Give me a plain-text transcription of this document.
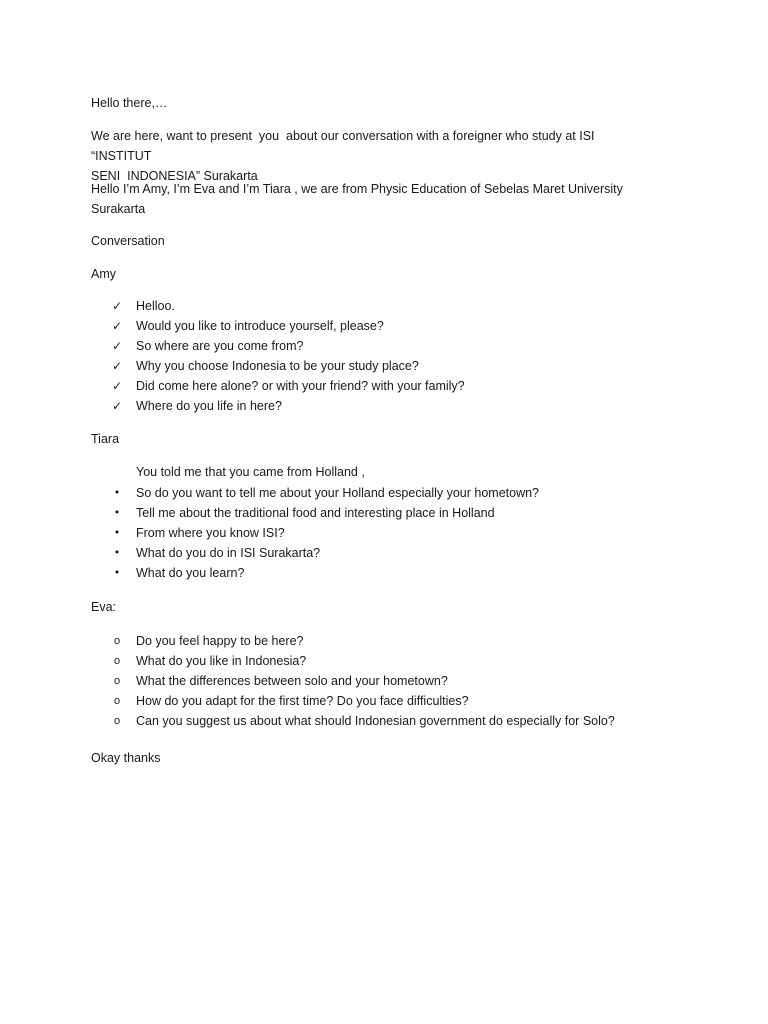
Hello there,…
We are here, want to present  you  about our conversation with a foreigner who study at ISI “INSTITUT
SENI  INDONESIA” Surakarta
Hello I’m Amy, I’m Eva and I’m Tiara , we are from Physic Education of Sebelas Maret University
Surakarta
Conversation
Amy
✓ Helloo.
✓ Would you like to introduce yourself, please?
✓ So where are you come from?
✓ Why you choose Indonesia to be your study place?
✓ Did come here alone? or with your friend? with your family?
✓ Where do you life in here?
Tiara
You told me that you came from Holland ,
•	So do you want to tell me about your Holland especially your hometown?
•	Tell me about the traditional food and interesting place in Holland
•	From where you know ISI?
•	What do you do in ISI Surakarta?
•	What do you learn?
Eva:
o	Do you feel happy to be here?
o	What do you like in Indonesia?
o	What the differences between solo and your hometown?
o	How do you adapt for the first time? Do you face difficulties?
o	Can you suggest us about what should Indonesian government do especially for Solo?
Okay thanks
